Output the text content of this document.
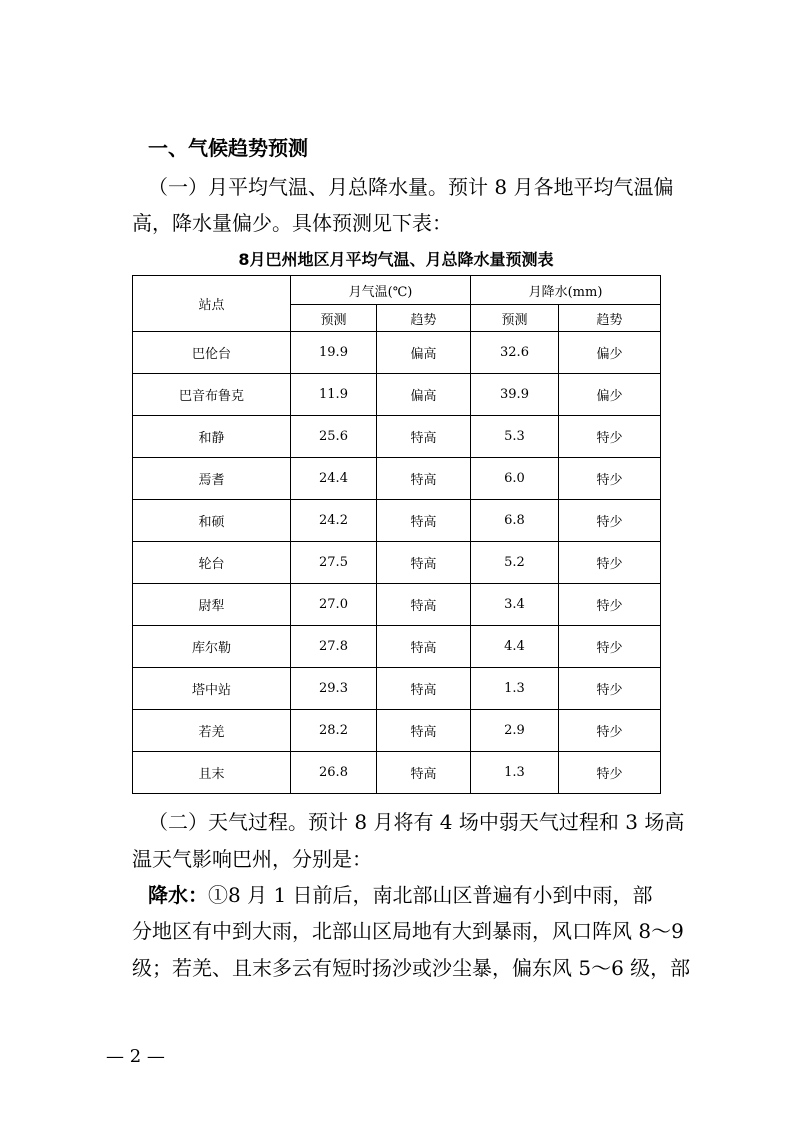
一、气候趋势预测
（一）月平均气温、月总降水量。预计 8 月各地平均气温偏
高，降水量偏少。具体预测见下表：
8月巴州地区月平均气温、月总降水量预测表
站点	月气温(℃)		月降水(mm)	
	预测	趋势	预测	趋势
巴伦台	19.9	偏高	32.6	偏少
巴音布鲁克	11.9	偏高	39.9	偏少
和静	25.6	特高	5.3	特少
焉耆	24.4	特高	6.0	特少
和硕	24.2	特高	6.8	特少
轮台	27.5	特高	5.2	特少
尉犁	27.0	特高	3.4	特少
库尔勒	27.8	特高	4.4	特少
塔中站	29.3	特高	1.3	特少
若羌	28.2	特高	2.9	特少
且末	26.8	特高	1.3	特少
（二）天气过程。预计 8 月将有 4 场中弱天气过程和 3 场高
温天气影响巴州，分别是：
降水：①8 月 1 日前后，南北部山区普遍有小到中雨，部
分地区有中到大雨，北部山区局地有大到暴雨，风口阵风 8～9
级；若羌、且末多云有短时扬沙或沙尘暴，偏东风 5～6 级，部
— 2 —
